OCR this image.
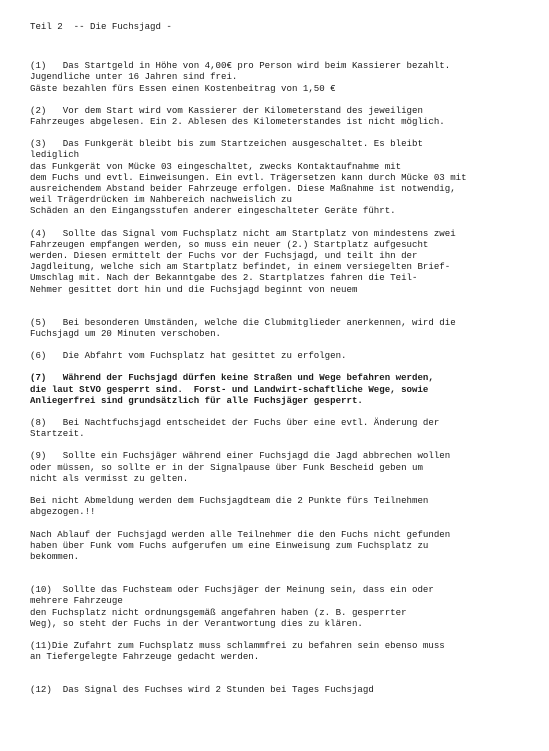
Teil 2  -- Die Fuchsjagd -
(1)   Das Startgeld in Höhe von 4,00€ pro Person wird beim Kassierer bezahlt.
Jugendliche unter 16 Jahren sind frei.
Gäste bezahlen fürs Essen einen Kostenbeitrag von 1,50 €
(2)   Vor dem Start wird vom Kassierer der Kilometerstand des jeweiligen
Fahrzeuges abgelesen. Ein 2. Ablesen des Kilometerstandes ist nicht möglich.
(3)   Das Funkgerät bleibt bis zum Startzeichen ausgeschaltet. Es bleibt
lediglich
das Funkgerät von Mücke 03 eingeschaltet, zwecks Kontaktaufnahme mit
dem Fuchs und evtl. Einweisungen. Ein evtl. Trägersetzen kann durch Mücke 03 mit
ausreichendem Abstand beider Fahrzeuge erfolgen. Diese Maßnahme ist notwendig,
weil Trägerdrücken im Nahbereich nachweislich zu
Schäden an den Eingangsstufen anderer eingeschalteter Geräte führt.
(4)   Sollte das Signal vom Fuchsplatz nicht am Startplatz von mindestens zwei
Fahrzeugen empfangen werden, so muss ein neuer (2.) Startplatz aufgesucht
werden. Diesen ermittelt der Fuchs vor der Fuchsjagd, und teilt ihn der
Jagdleitung, welche sich am Startplatz befindet, in einem versiegelten Brief-
Umschlag mit. Nach der Bekanntgabe des 2. Startplatzes fahren die Teil-
Nehmer gesittet dort hin und die Fuchsjagd beginnt von neuem
(5)   Bei besonderen Umständen, welche die Clubmitglieder anerkennen, wird die
Fuchsjagd um 20 Minuten verschoben.
(6)   Die Abfahrt vom Fuchsplatz hat gesittet zu erfolgen.
(7)   Während der Fuchsjagd dürfen keine Straßen und Wege befahren werden,
die laut StVO gesperrt sind.  Forst- und Landwirt-schaftliche Wege, sowie
Anliegerfrei sind grundsätzlich für alle Fuchsjäger gesperrt.
(8)   Bei Nachtfuchsjagd entscheidet der Fuchs über eine evtl. Änderung der
Startzeit.
(9)   Sollte ein Fuchsjäger während einer Fuchsjagd die Jagd abbrechen wollen
oder müssen, so sollte er in der Signalpause über Funk Bescheid geben um
nicht als vermisst zu gelten.
Bei nicht Abmeldung werden dem Fuchsjagdteam die 2 Punkte fürs Teilnehmen
abgezogen.!!
Nach Ablauf der Fuchsjagd werden alle Teilnehmer die den Fuchs nicht gefunden
haben über Funk vom Fuchs aufgerufen um eine Einweisung zum Fuchsplatz zu
bekommen.
(10)  Sollte das Fuchsteam oder Fuchsjäger der Meinung sein, dass ein oder
mehrere Fahrzeuge
den Fuchsplatz nicht ordnungsgemäß angefahren haben (z. B. gesperrter
Weg), so steht der Fuchs in der Verantwortung dies zu klären.
(11)Die Zufahrt zum Fuchsplatz muss schlammfrei zu befahren sein ebenso muss
an Tiefergelegte Fahrzeuge gedacht werden.
(12)  Das Signal des Fuchses wird 2 Stunden bei Tages Fuchsjagd
